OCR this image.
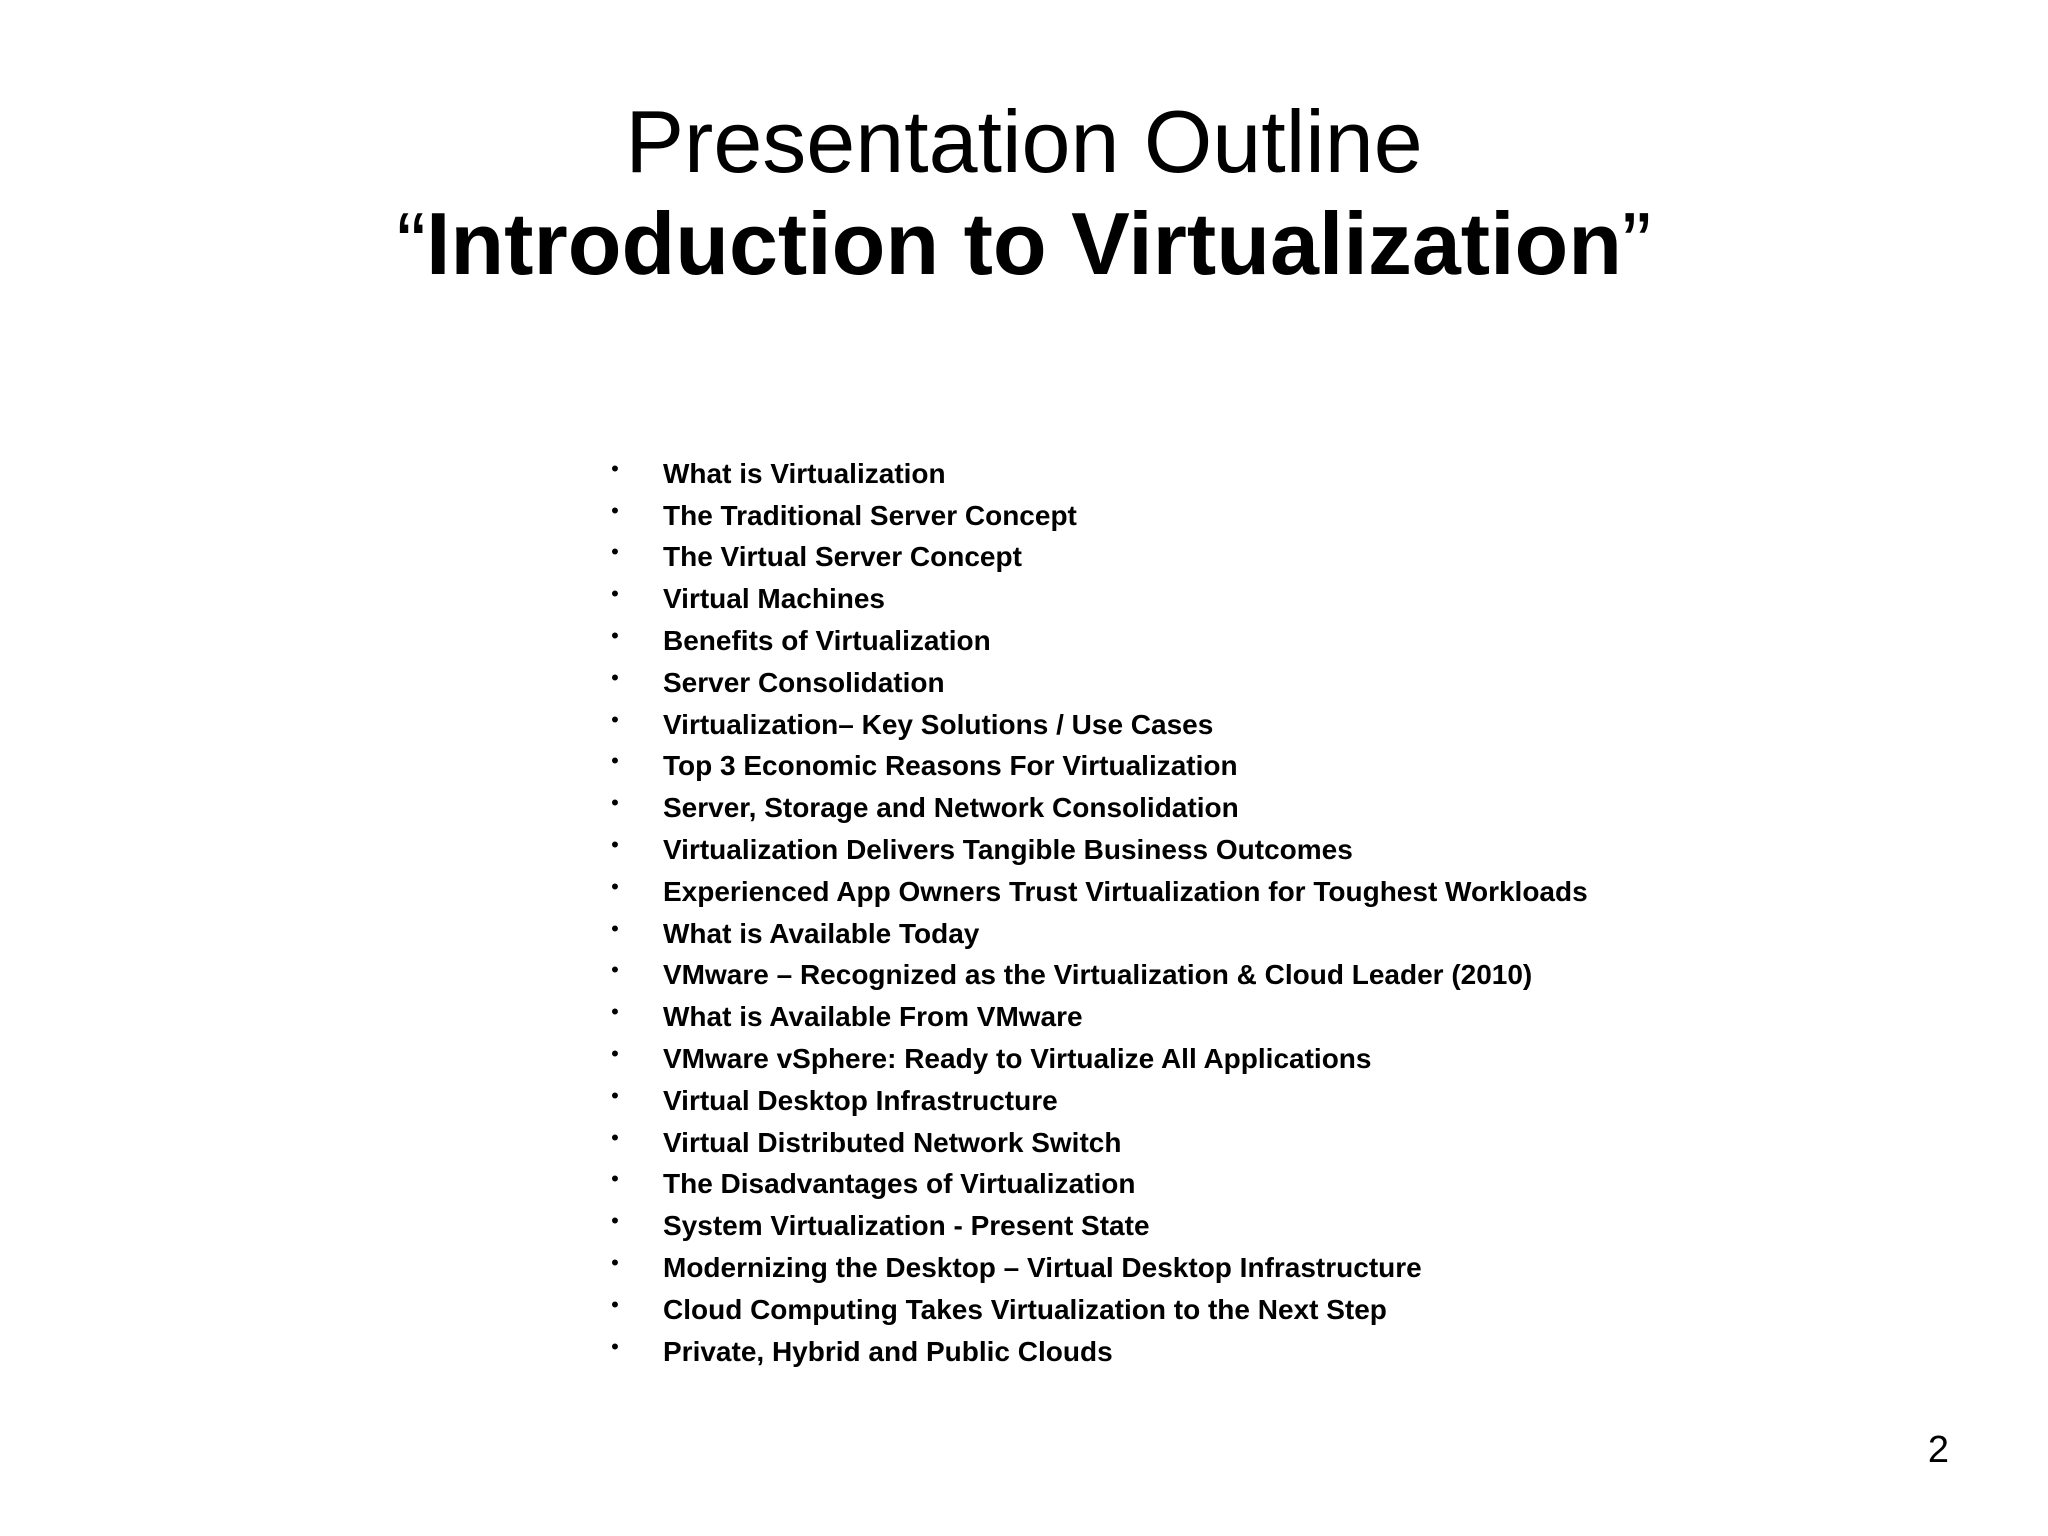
Presentation Outline
“ Introduction to Virtualization ”
• What is Virtualization
• The Traditional Server Concept
• The Virtual Server Concept
• Virtual Machines
• Benefits of Virtualization
• Server Consolidation
• Virtualization– Key Solutions / Use Cases
• Top 3 Economic Reasons For Virtualization
• Server, Storage and Network Consolidation
• Virtualization Delivers Tangible Business Outcomes
• Experienced App Owners Trust Virtualization for Toughest Workloads
• What is Available Today
• VMware – Recognized as the Virtualization & Cloud Leader (2010)
• What is Available From VMware
• VMware vSphere: Ready to Virtualize All Applications
• Virtual Desktop Infrastructure
• Virtual Distributed Network Switch
• The Disadvantages of Virtualization
• System Virtualization - Present State
• Modernizing the Desktop – Virtual Desktop Infrastructure
• Cloud Computing Takes Virtualization to the Next Step
• Private, Hybrid and Public Clouds
2
